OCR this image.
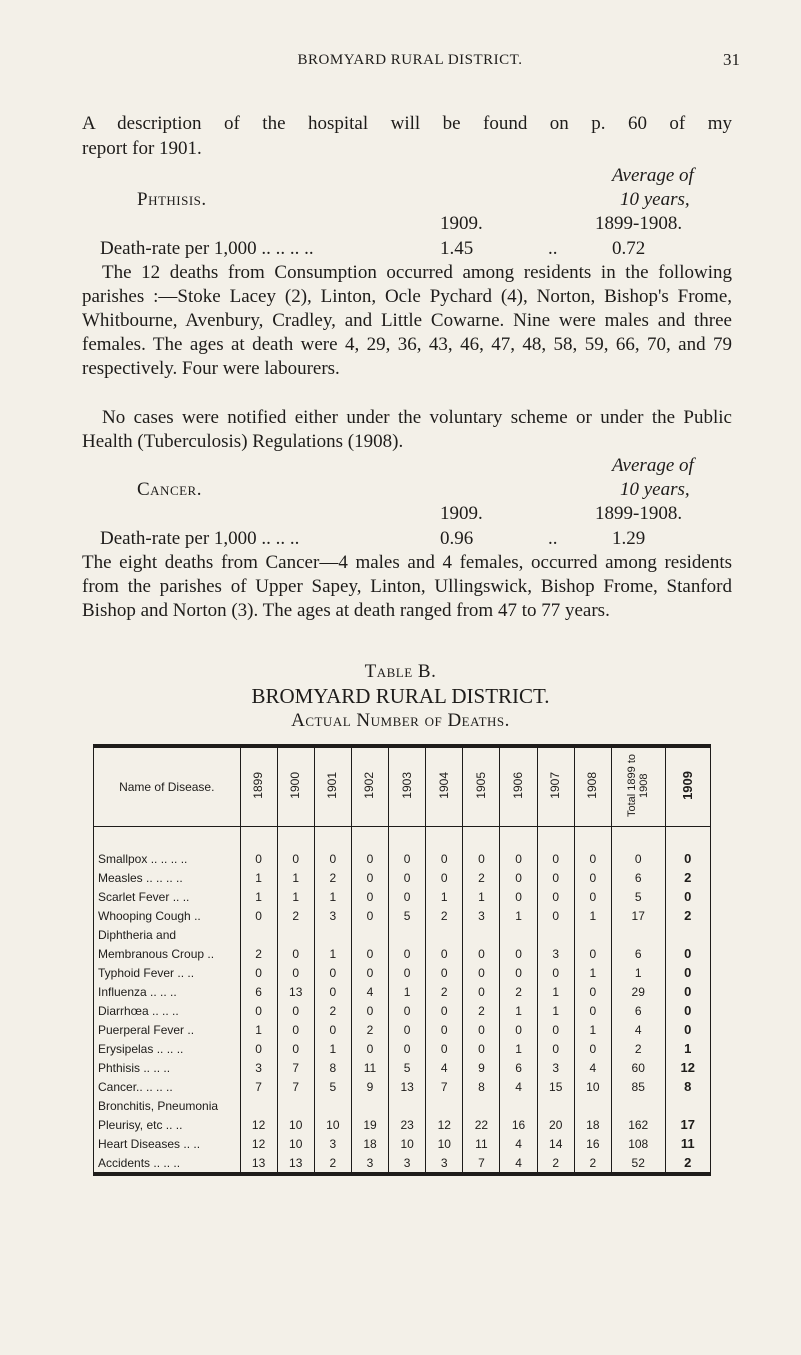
BROMYARD RURAL DISTRICT.	31
A description of the hospital will be found on p. 60 of my
report for 1901.
Average of
Phthisis.	10 years,
1909.	1899-1908.
Death-rate per 1,000 .. .. .. ..	1.45	..	0.72
The 12 deaths from Consumption occurred among residents in the following parishes :—Stoke Lacey (2), Linton, Ocle Pychard (4), Norton, Bishop's Frome, Whitbourne, Avenbury, Cradley, and Little Cowarne. Nine were males and three females. The ages at death were 4, 29, 36, 43, 46, 47, 48, 58, 59, 66, 70, and 79 respectively. Four were labourers.
No cases were notified either under the voluntary scheme or under the Public Health (Tuberculosis) Regulations (1908).
Average of
Cancer.	10 years,
1909.	1899-1908.
Death-rate per 1,000 .. .. ..	0.96	..	1.29
The eight deaths from Cancer—4 males and 4 females, occurred among residents from the parishes of Upper Sapey, Linton, Ullingswick, Bishop Frome, Stanford Bishop and Norton (3). The ages at death ranged from 47 to 77 years.
Table B.
BROMYARD RURAL DISTRICT.
Actual Number of Deaths.
Name of Disease.	1899	1900	1901	1902	1903	1904	1905	1906	1907	1908	Total 1899 to 1908	1909

Smallpox .. .. .. ..	0	0	0	0	0	0	0	0	0	0	0	0
Measles .. .. .. ..	1	1	2	0	0	0	2	0	0	0	6	2
Scarlet Fever .. ..	1	1	1	0	0	1	1	0	0	0	5	0
Whooping Cough ..	0	2	3	0	5	2	3	1	0	1	17	2
Diphtheria and												
Membranous Croup ..	2	0	1	0	0	0	0	0	3	0	6	0
Typhoid Fever .. ..	0	0	0	0	0	0	0	0	0	1	1	0
Influenza .. .. ..	6	13	0	4	1	2	0	2	1	0	29	0
Diarrhœa .. .. ..	0	0	2	0	0	0	2	1	1	0	6	0
Puerperal Fever ..	1	0	0	2	0	0	0	0	0	1	4	0
Erysipelas .. .. ..	0	0	1	0	0	0	0	1	0	0	2	1
Phthisis .. .. ..	3	7	8	11	5	4	9	6	3	4	60	12
Cancer.. .. .. ..	7	7	5	9	13	7	8	4	15	10	85	8
Bronchitis, Pneumonia												
Pleurisy, etc .. ..	12	10	10	19	23	12	22	16	20	18	162	17
Heart Diseases .. ..	12	10	3	18	10	10	11	4	14	16	108	11
Accidents .. .. ..	13	13	2	3	3	3	7	4	2	2	52	2
